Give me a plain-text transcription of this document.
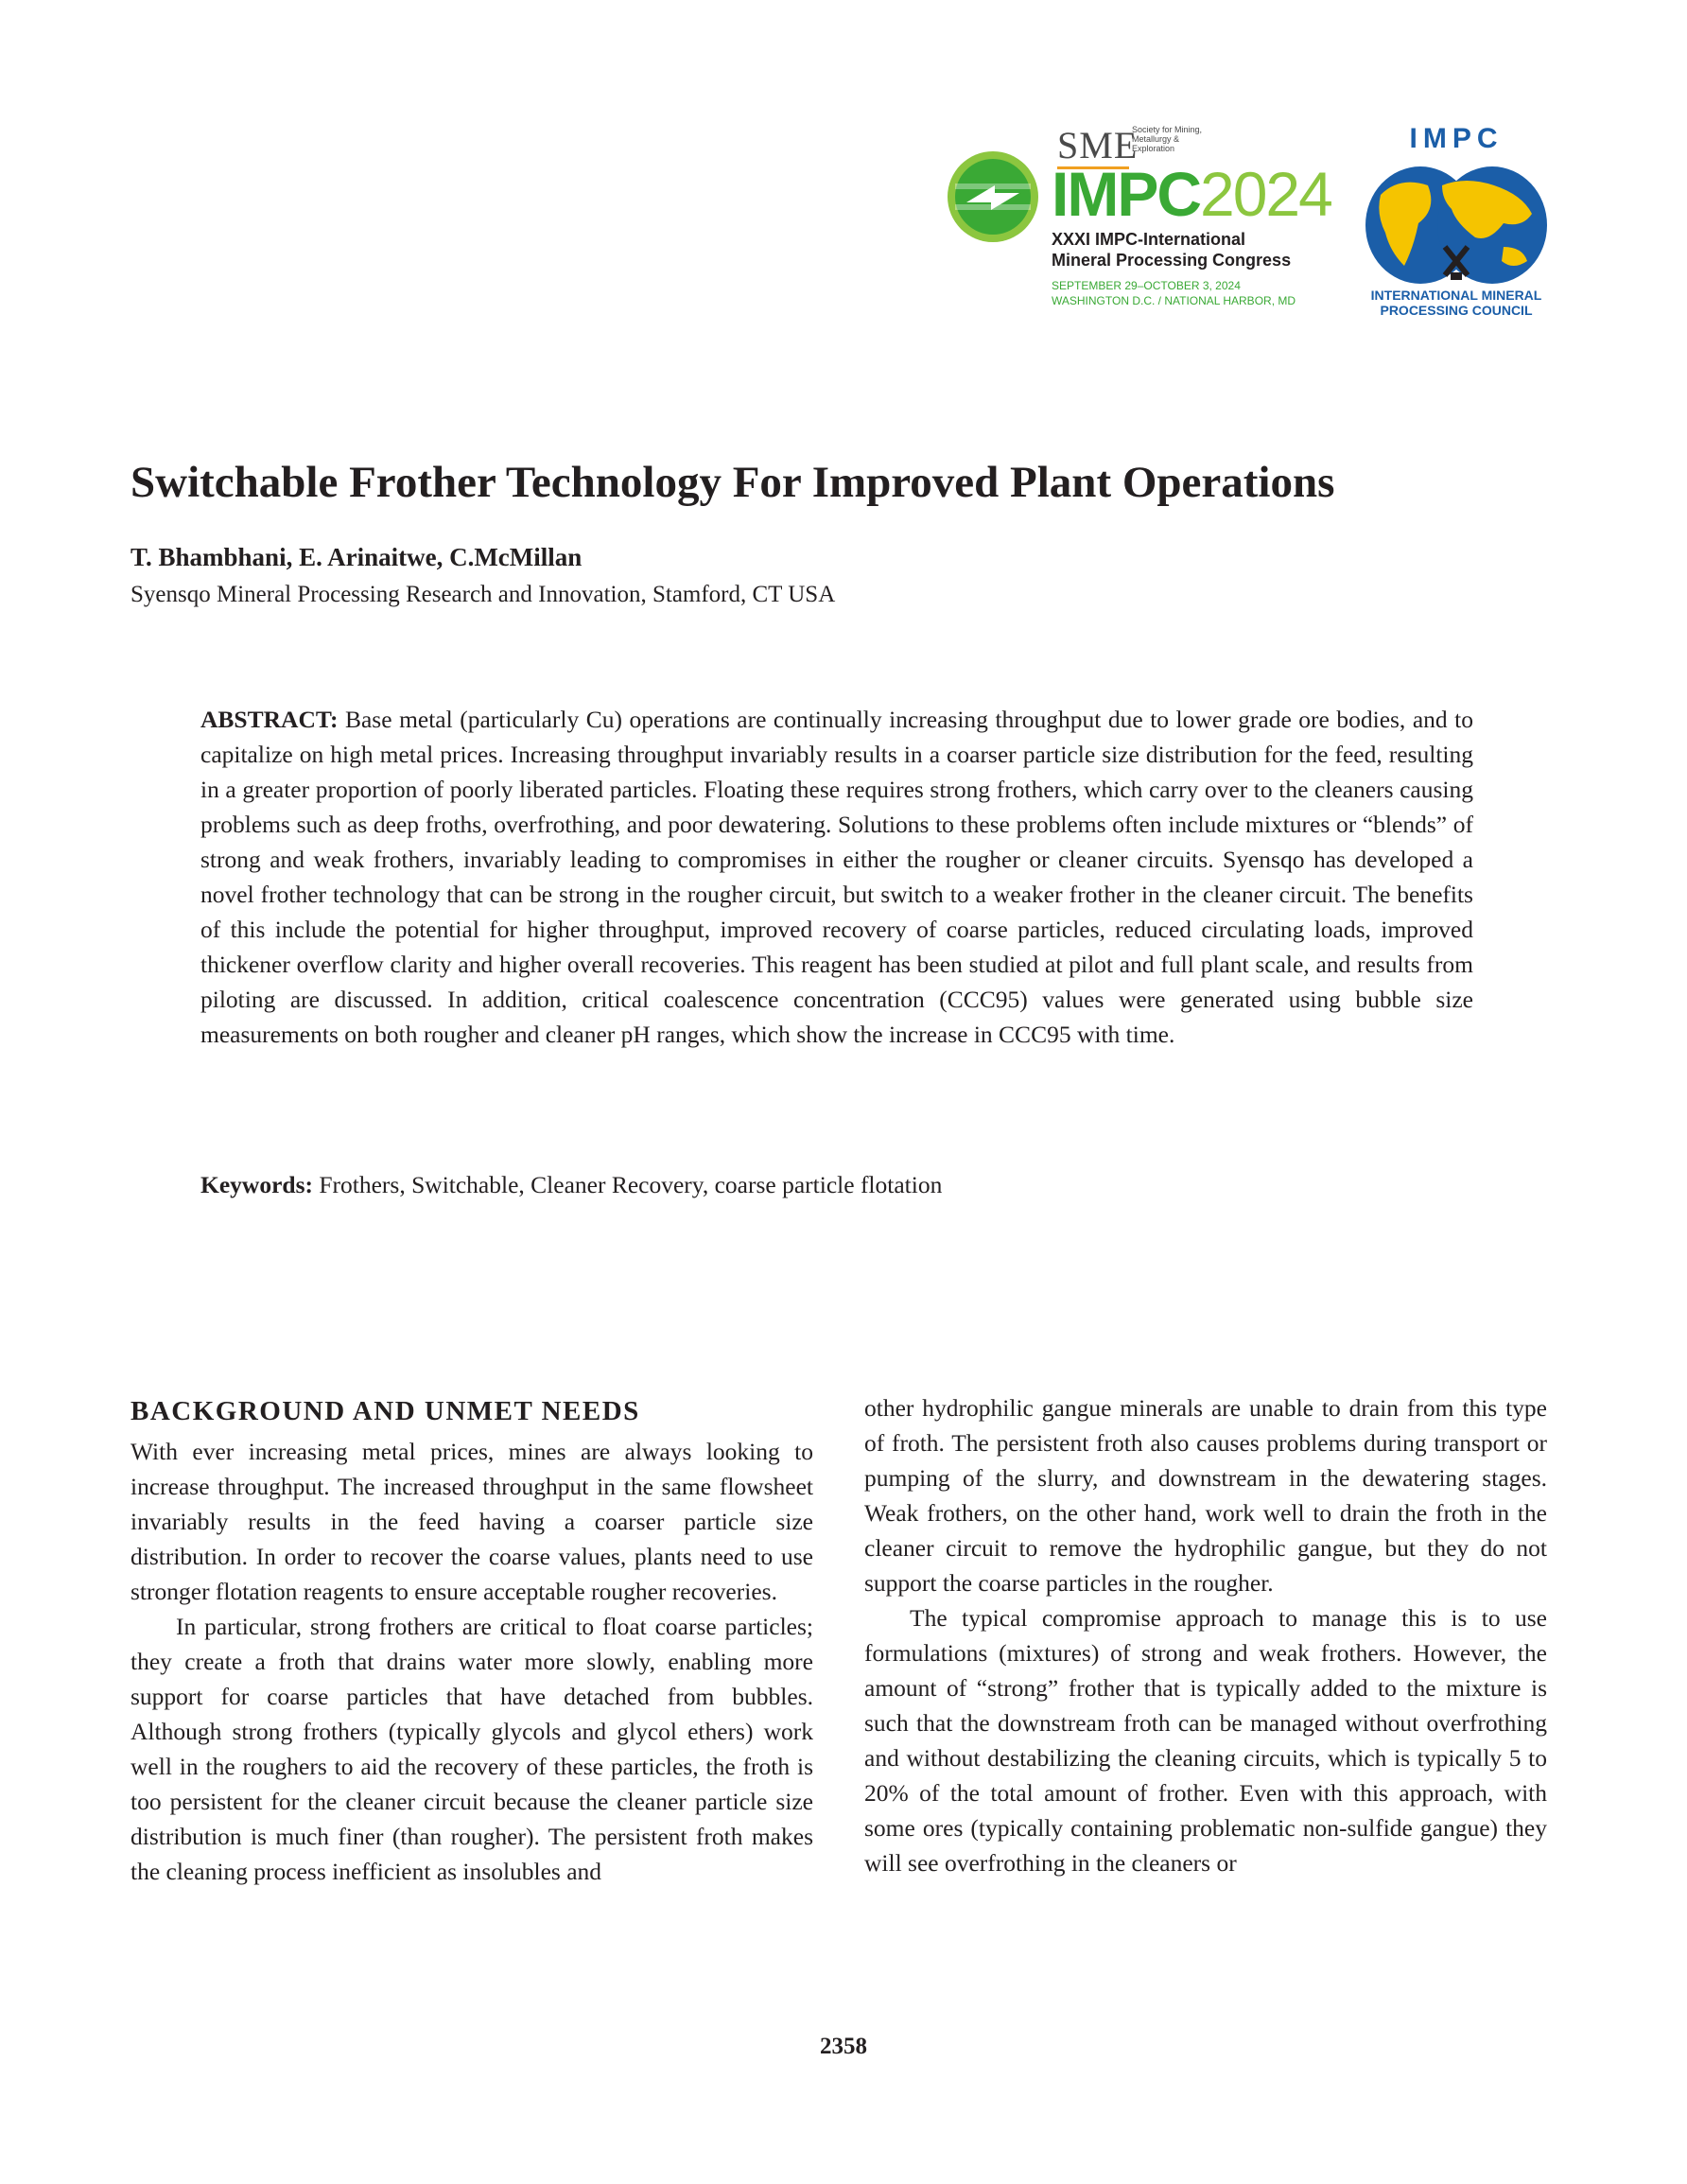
SME
Society for Mining, Metallurgy & Exploration
IMPC2024
XXXI IMPC-International
Mineral Processing Congress
SEPTEMBER 29–OCTOBER 3, 2024
WASHINGTON D.C. / NATIONAL HARBOR, MD
IMPC
INTERNATIONAL MINERAL
PROCESSING COUNCIL
Switchable Frother Technology For Improved Plant Operations
T. Bhambhani, E. Arinaitwe, C.McMillan
Syensqo Mineral Processing Research and Innovation, Stamford, CT USA

ABSTRACT: Base metal (particularly Cu) operations are continually increasing throughput due to lower grade ore bodies, and to capitalize on high metal prices. Increasing throughput invariably results in a coarser particle size distribution for the feed, resulting in a greater proportion of poorly liberated particles. Floating these requires strong frothers, which carry over to the cleaners causing problems such as deep froths, overfrothing, and poor dewatering. Solutions to these problems often include mixtures or “blends” of strong and weak frothers, invariably leading to compromises in either the rougher or cleaner circuits. Syensqo has developed a novel frother technology that can be strong in the rougher circuit, but switch to a weaker frother in the cleaner circuit. The benefits of this include the potential for higher throughput, improved recovery of coarse particles, reduced circulating loads, improved thickener overflow clarity and higher overall recoveries. This reagent has been studied at pilot and full plant scale, and results from piloting are discussed. In addition, critical coalescence concentration (CCC95) values were generated using bubble size measurements on both rougher and cleaner pH ranges, which show the increase in CCC95 with time.

Keywords: Frothers, Switchable, Cleaner Recovery, coarse particle flotation

BACKGROUND AND UNMET NEEDS

With ever increasing metal prices, mines are always looking to increase throughput. The increased throughput in the same flowsheet invariably results in the feed having a coarser particle size distribution. In order to recover the coarse values, plants need to use stronger flotation reagents to ensure acceptable rougher recoveries.

In particular, strong frothers are critical to float coarse particles; they create a froth that drains water more slowly, enabling more support for coarse particles that have detached from bubbles. Although strong frothers (typically glycols and glycol ethers) work well in the roughers to aid the recovery of these particles, the froth is too persistent for the cleaner circuit because the cleaner particle size distribution is much finer (than rougher). The persistent froth makes the cleaning process inefficient as insolubles and

other hydrophilic gangue minerals are unable to drain from this type of froth. The persistent froth also causes problems during transport or pumping of the slurry, and downstream in the dewatering stages. Weak frothers, on the other hand, work well to drain the froth in the cleaner circuit to remove the hydrophilic gangue, but they do not support the coarse particles in the rougher.

The typical compromise approach to manage this is to use formulations (mixtures) of strong and weak frothers. However, the amount of “strong” frother that is typically added to the mixture is such that the downstream froth can be managed without overfrothing and without destabilizing the cleaning circuits, which is typically 5 to 20% of the total amount of frother. Even with this approach, with some ores (typically containing problematic non-sulfide gangue) they will see overfrothing in the cleaners or

2358
